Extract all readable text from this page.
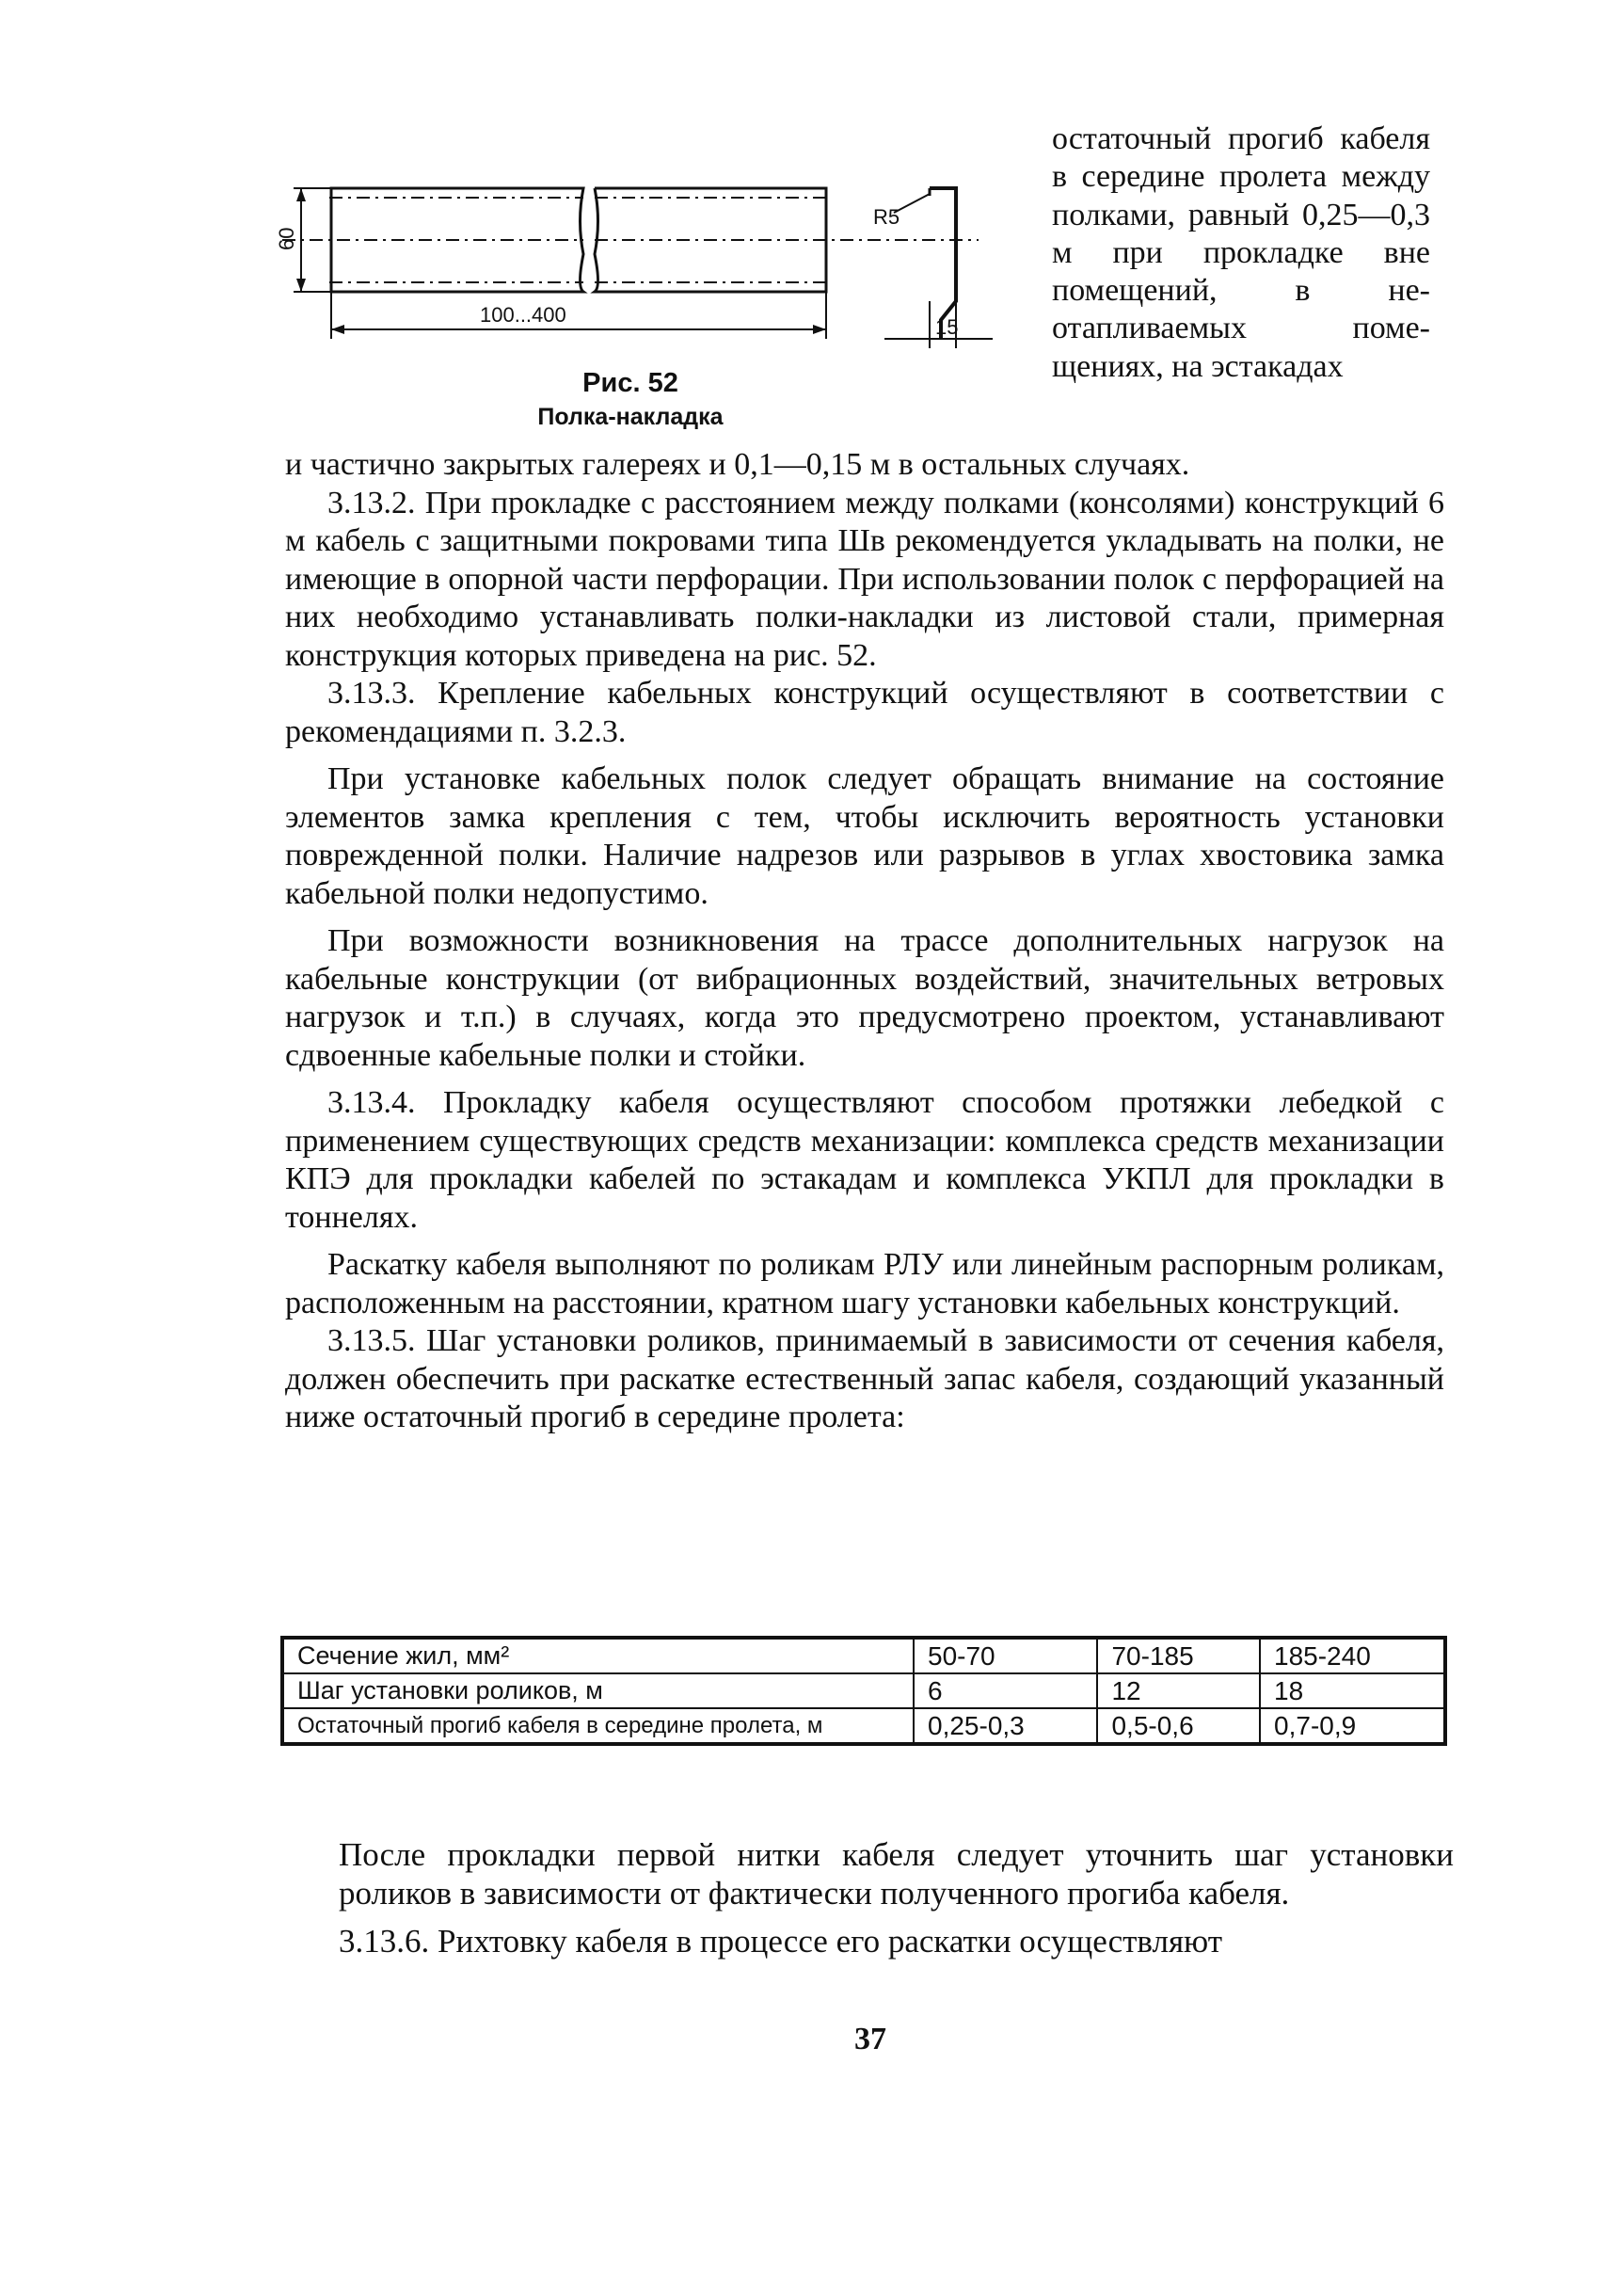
60
100...400
R5
15
Рис. 52
Полка-накладка

остаточный прогиб кабеля в середине пролета между полками, равный 0,25—0,3 м при прокладке вне помещений, в неотапливаемых помещениях, на эстакадах

и частично закрытых галереях и 0,1—0,15 м в остальных случаях.

3.13.2. При прокладке с расстоянием между полками (консолями) конструкций 6 м кабель с защитными покровами типа Шв рекомендуется укладывать на полки, не имеющие в опорной части перфорации. При использовании полок с перфорацией на них необходимо устанавливать полки-накладки из листовой стали, примерная конструкция которых приведена на рис. 52.

3.13.3. Крепление кабельных конструкций осуществляют в соответствии с рекомендациями п. 3.2.3.

При установке кабельных полок следует обращать внимание на состояние элементов замка крепления с тем, чтобы исключить вероятность установки поврежденной полки. Наличие надрезов или разрывов в углах хвостовика замка кабельной полки недопустимо.

При возможности возникновения на трассе дополнительных нагрузок на кабельные конструкции (от вибрационных воздействий, значительных ветровых нагрузок и т.п.) в случаях, когда это предусмотрено проектом, устанавливают сдвоенные кабельные полки и стойки.

3.13.4. Прокладку кабеля осуществляют способом протяжки лебедкой с применением существующих средств механизации: комплекса средств механизации КПЭ для прокладки кабелей по эстакадам и комплекса УКПЛ для прокладки в тоннелях.

Раскатку кабеля выполняют по роликам РЛУ или линейным распорным роликам, расположенным на расстоянии, кратном шагу установки кабельных конструкций.

3.13.5. Шаг установки роликов, принимаемый в зависимости от сечения кабеля, должен обеспечить при раскатке естественный запас кабеля, создающий указанный ниже остаточный прогиб в середине пролета:

Сечение жил, мм²	50-70	70-185	185-240
Шаг установки роликов, м	6	12	18
Остаточный прогиб кабеля в середине пролета, м	0,25-0,3	0,5-0,6	0,7-0,9

После прокладки первой нитки кабеля следует уточнить шаг установки роликов в зависимости от фактически полученного прогиба кабеля.

3.13.6. Рихтовку кабеля в процессе его раскатки осуществляют

37
